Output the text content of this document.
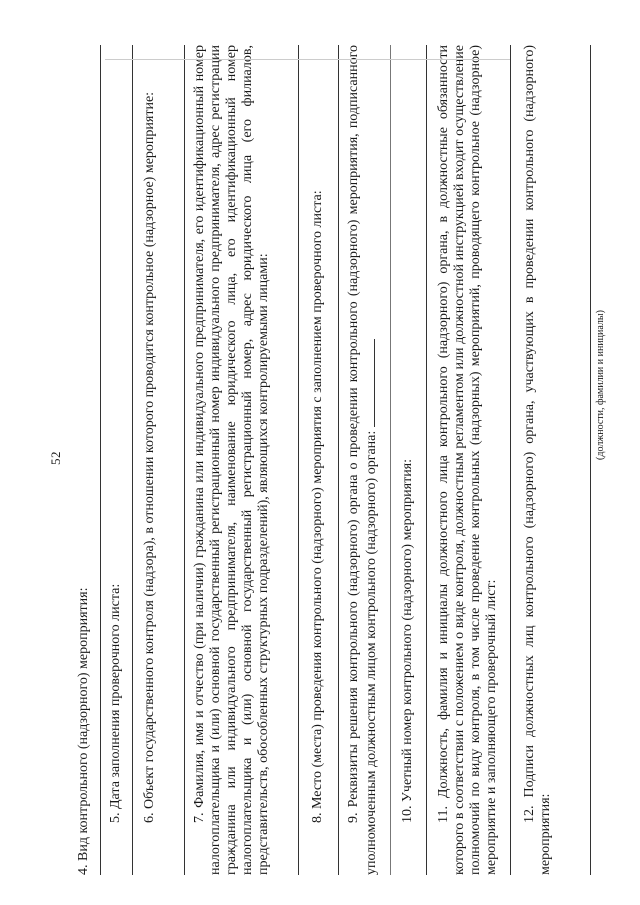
52
4. Вид контрольного (надзорного) мероприятия: 5. Дата заполнения проверочного листа: 6. Объект государственного контроля (надзора), в отношении которого проводится контрольное (надзорное) мероприятие:	7. Фамилия, имя и отчество (при наличии) гражданина или индивидуального предпринимателя, его идентификационный номер налогоплательщика и (или) основной государственный регистрационный номер индивидуального предпринимателя, адрес регистрации гражданина или индивидуального предпринимателя, наименование юридического лица, его идентификационный номер налогоплательщика и (или) основной государственный регистрационный номер, адрес юридического лица (его филиалов, представительств, обособленных структурных подразделений), являющихся контролируемыми лицами:	8. Место (места) проведения контрольного (надзорного) мероприятия с заполнением проверочного листа: 9. Реквизиты решения контрольного (надзорного) органа о проведении контрольного (надзорного) мероприятия, подписанного уполномоченным должностным лицом контрольного (надзорного) органа: 10. Учетный номер контрольного (надзорного) мероприятия: 11. Должность, фамилия и инициалы должностного лица контрольного (надзорного) органа, в должностные обязанности которого в соответствии с положением о виде контроля, должностным регламентом или должностной инструкцией входит осуществление полномочий по виду контроля, в том числе проведение контрольных (надзорных) мероприятий, проводящего контрольное (надзорное) мероприятие и заполняющего проверочный лист: 12. Подписи должностных лиц контрольного (надзорного) органа, участвующих в проведении контрольного (надзорного) мероприятия:
(должности, фамилии и инициалы)
